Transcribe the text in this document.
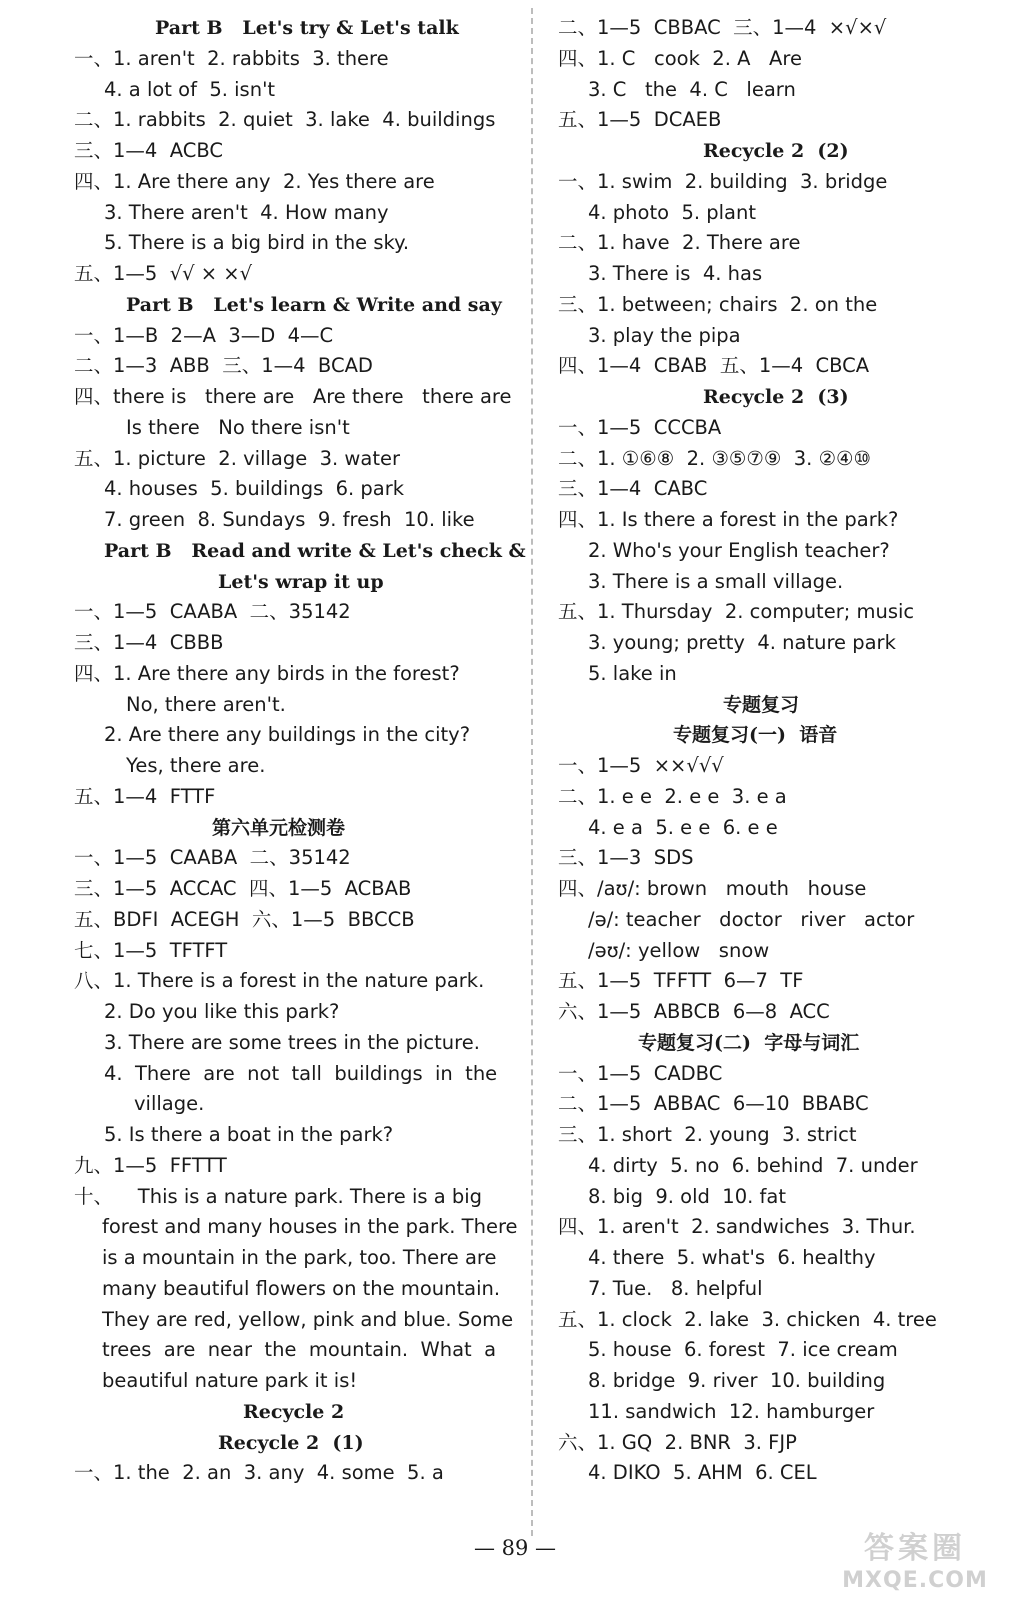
Part B   Let's try & Let's talk
一、1. aren't  2. rabbits  3. there
4. a lot of  5. isn't
二、1. rabbits  2. quiet  3. lake  4. buildings
三、1—4  ACBC
四、1. Are there any  2. Yes there are
3. There aren't  4. How many
5. There is a big bird in the sky.
五、1—5  √√ × ×√
Part B   Let's learn & Write and say
一、1—B  2—A  3—D  4—C
二、1—3  ABB  三、1—4  BCAD
四、there is   there are   Are there   there are
Is there   No there isn't
五、1. picture  2. village  3. water
4. houses  5. buildings  6. park
7. green  8. Sundays  9. fresh  10. like
Part B   Read and write & Let's check &
Let's wrap it up
一、1—5  CAABA  二、35142
三、1—4  CBBB
四、1. Are there any birds in the forest?
No, there aren't.
2. Are there any buildings in the city?
Yes, there are.
五、1—4  FTTF
第六单元检测卷
一、1—5  CAABA  二、35142
三、1—5  ACCAC  四、1—5  ACBAB
五、BDFI  ACEGH  六、1—5  BBCCB
七、1—5  TFTFT
八、1. There is a forest in the nature park.
2. Do you like this park?
3. There are some trees in the picture.
4.  There  are  not  tall  buildings  in  the
village.
5. Is there a boat in the park?
九、1—5  FFTTT
十、    This is a nature park. There is a big
forest and many houses in the park. There
is a mountain in the park, too. There are
many beautiful flowers on the mountain.
They are red, yellow, pink and blue. Some
trees  are  near  the  mountain.  What  a
beautiful nature park it is!
Recycle 2
Recycle 2  (1)
一、1. the  2. an  3. any  4. some  5. a
二、1—5  CBBAC  三、1—4  ×√×√
四、1. C   cook  2. A   Are
3. C   the  4. C   learn
五、1—5  DCAEB
Recycle 2  (2)
一、1. swim  2. building  3. bridge
4. photo  5. plant
二、1. have  2. There are
3. There is  4. has
三、1. between; chairs  2. on the
3. play the pipa
四、1—4  CBAB  五、1—4  CBCA
Recycle 2  (3)
一、1—5  CCCBA
二、1. ①⑥⑧  2. ③⑤⑦⑨  3. ②④⑩
三、1—4  CABC
四、1. Is there a forest in the park?
2. Who's your English teacher?
3. There is a small village.
五、1. Thursday  2. computer; music
3. young; pretty  4. nature park
5. lake in
专题复习
专题复习(一)  语音
一、1—5  ××√√√
二、1. e e  2. e e  3. e a
4. e a  5. e e  6. e e
三、1—3  SDS
四、/aʊ/: brown   mouth   house
/ə/: teacher   doctor   river   actor
/əʊ/: yellow   snow
五、1—5  TFFTT  6—7  TF
六、1—5  ABBCB  6—8  ACC
专题复习(二)  字母与词汇
一、1—5  CADBC
二、1—5  ABBAC  6—10  BBABC
三、1. short  2. young  3. strict
4. dirty  5. no  6. behind  7. under
8. big  9. old  10. fat
四、1. aren't  2. sandwiches  3. Thur.
4. there  5. what's  6. healthy
7. Tue.   8. helpful
五、1. clock  2. lake  3. chicken  4. tree
5. house  6. forest  7. ice cream
8. bridge  9. river  10. building
11. sandwich  12. hamburger
六、1. GQ  2. BNR  3. FJP
4. DIKO  5. AHM  6. CEL
— 89 —	答案圈
MXQE.COM
